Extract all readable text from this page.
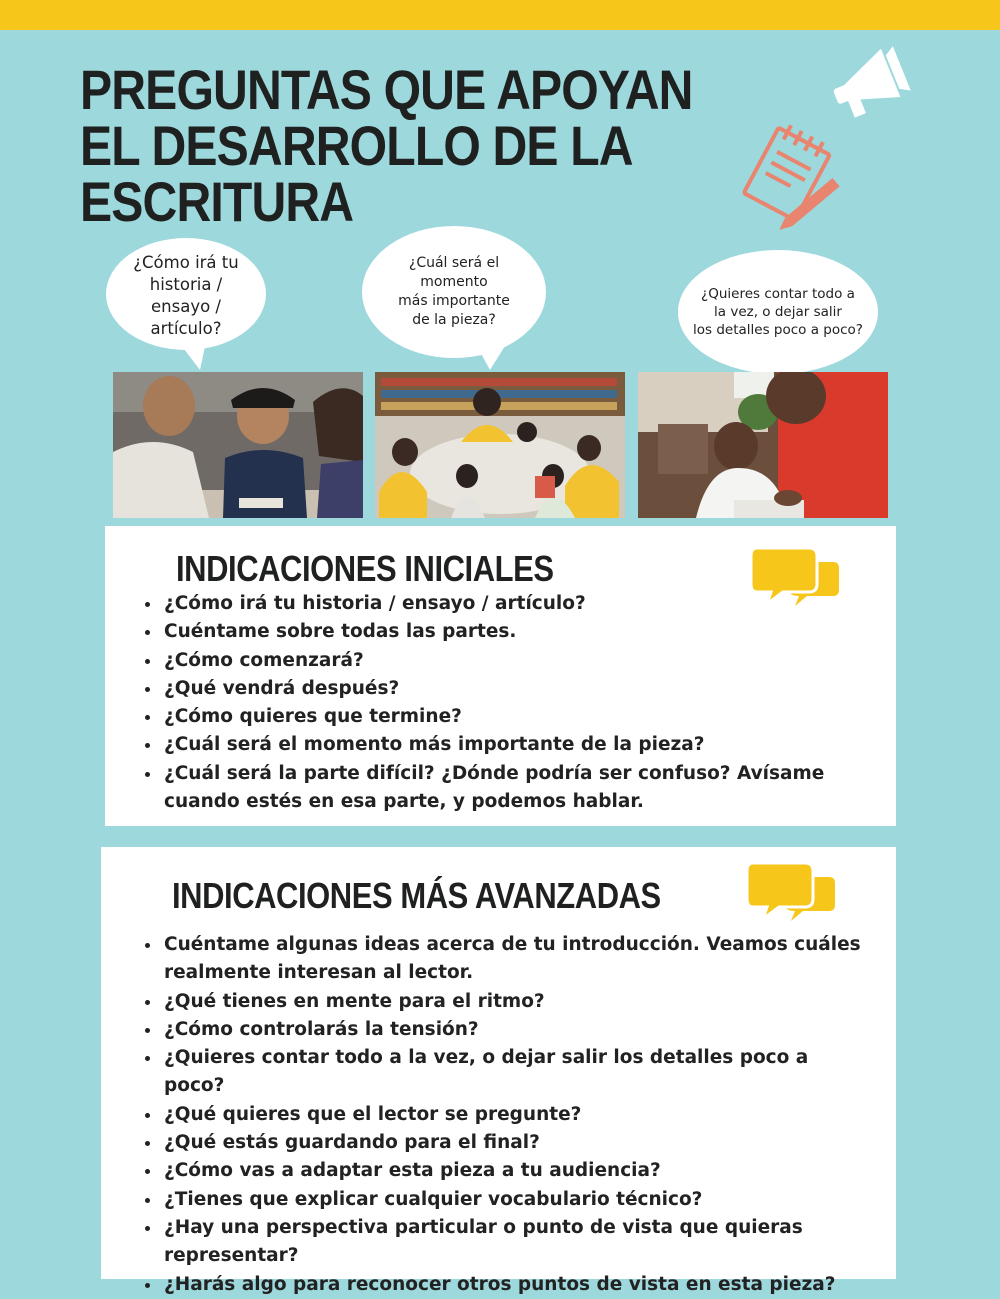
PREGUNTAS QUE APOYAN
EL DESARROLLO DE LA
ESCRITURA
¿Cómo irá tu
historia /
ensayo /
artículo?
¿Cuál será el
momento
más importante
de la pieza?
¿Quieres contar todo a
la vez, o dejar salir
los detalles poco a poco?
INDICACIONES INICIALES
• ¿Cómo irá tu historia / ensayo / artículo?
• Cuéntame sobre todas las partes.
• ¿Cómo comenzará?
• ¿Qué vendrá después?
• ¿Cómo quieres que termine?
• ¿Cuál será el momento más importante de la pieza?
• ¿Cuál será la parte difícil? ¿Dónde podría ser confuso? Avísame cuando estés en esa parte, y podemos hablar.
INDICACIONES MÁS AVANZADAS
• Cuéntame algunas ideas acerca de tu introducción. Veamos cuáles realmente interesan al lector.
• ¿Qué tienes en mente para el ritmo?
• ¿Cómo controlarás la tensión?
• ¿Quieres contar todo a la vez, o dejar salir los detalles poco a poco?
• ¿Qué quieres que el lector se pregunte?
• ¿Qué estás guardando para el final?
• ¿Cómo vas a adaptar esta pieza a tu audiencia?
• ¿Tienes que explicar cualquier vocabulario técnico?
• ¿Hay una perspectiva particular o punto de vista que quieras representar?
• ¿Harás algo para reconocer otros puntos de vista en esta pieza?
